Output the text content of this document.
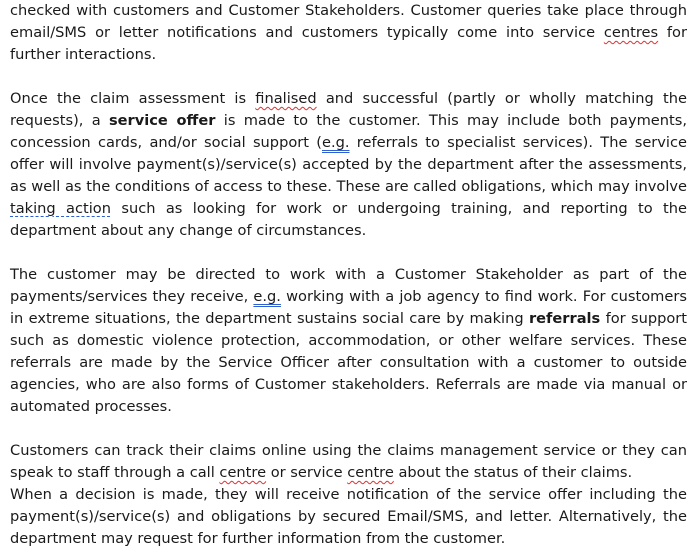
checked with customers and Customer Stakeholders. Customer queries take place through email/SMS or letter notifications and customers typically come into service centres for further interactions.

Once the claim assessment is finalised and successful (partly or wholly matching the requests), a service offer is made to the customer. This may include both payments, concession cards, and/or social support (e.g. referrals to specialist services). The service offer will involve payment(s)/service(s) accepted by the department after the assessments, as well as the conditions of access to these. These are called obligations, which may involve taking action such as looking for work or undergoing training, and reporting to the department about any change of circumstances.

The customer may be directed to work with a Customer Stakeholder as part of the payments/services they receive, e.g. working with a job agency to find work. For customers in extreme situations, the department sustains social care by making referrals for support such as domestic violence protection, accommodation, or other welfare services. These referrals are made by the Service Officer after consultation with a customer to outside agencies, who are also forms of Customer stakeholders. Referrals are made via manual or automated processes.

Customers can track their claims online using the claims management service or they can speak to staff through a call centre or service centre about the status of their claims.

When a decision is made, they will receive notification of the service offer including the payment(s)/service(s) and obligations by secured Email/SMS, and letter. Alternatively, the department may request for further information from the customer.
